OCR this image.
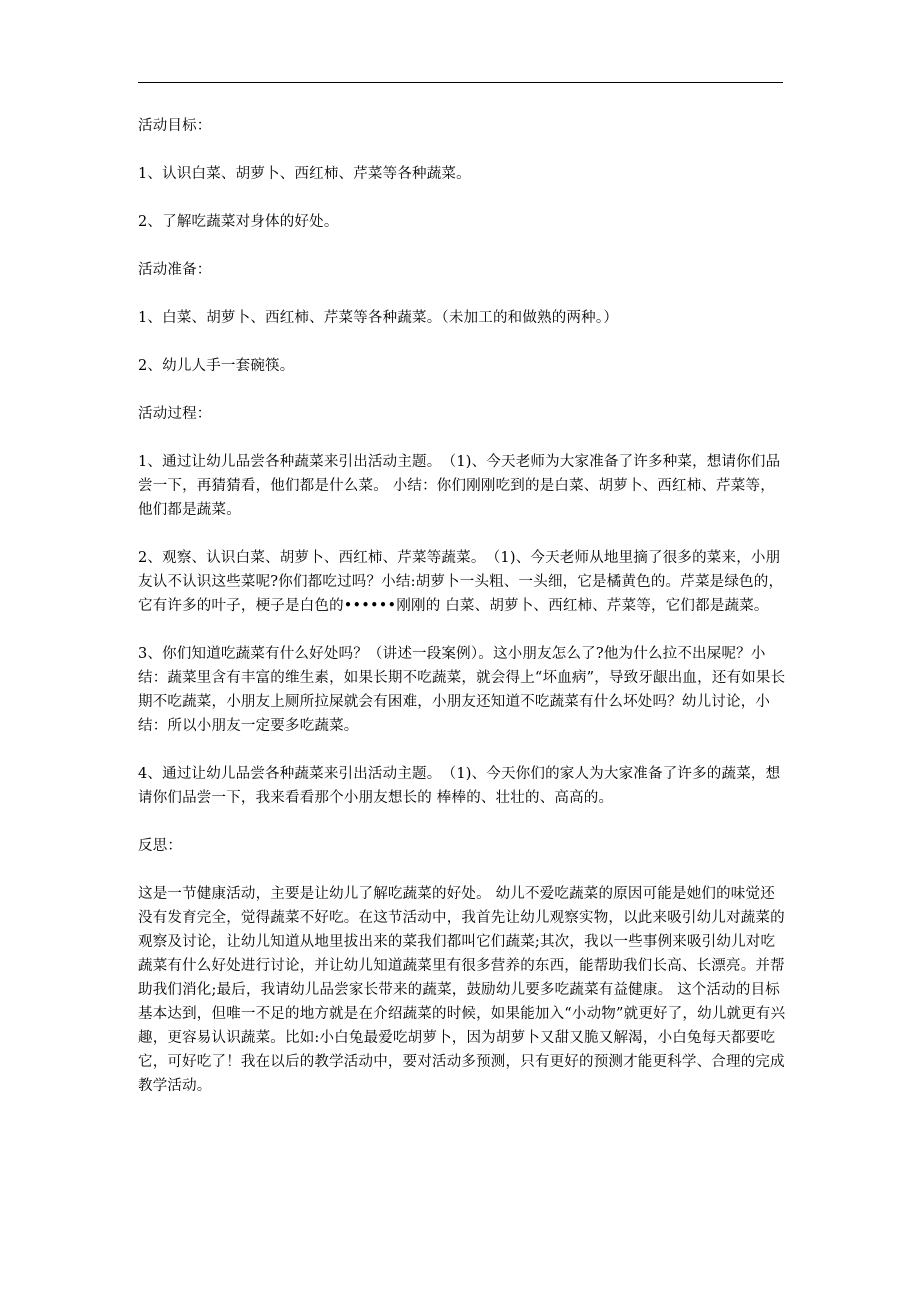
活动目标：

1、认识白菜、胡萝卜、西红柿、芹菜等各种蔬菜。

2、了解吃蔬菜对身体的好处。

活动准备：

1、白菜、胡萝卜、西红柿、芹菜等各种蔬菜。（未加工的和做熟的两种。）

2、幼儿人手一套碗筷。

活动过程：

1、通过让幼儿品尝各种蔬菜来引出活动主题。　（1)、今天老师为大家准备了许多种菜，想请你们品尝一下，再猜猜看，他们都是什么菜。 小结：你们刚刚吃到的是白菜、胡萝卜、西红柿、芹菜等，他们都是蔬菜。

2、观察、认识白菜、胡萝卜、西红柿、芹菜等蔬菜。　（1)、今天老师从地里摘了很多的菜来，小朋友认不认识这些菜呢?你们都吃过吗？小结:胡萝卜一头粗、一头细，它是橘黄色的。芹菜是绿色的，它有许多的叶子，梗子是白色的••••••刚刚的 白菜、胡萝卜、西红柿、芹菜等，它们都是蔬菜。

3、你们知道吃蔬菜有什么好处吗？（讲述一段案例）。这小朋友怎么了?他为什么拉不出屎呢？小结：蔬菜里含有丰富的维生素，如果长期不吃蔬菜，就会得上“坏血病”，导致牙龈出血，还有如果长期不吃蔬菜，小朋友上厕所拉屎就会有困难，小朋友还知道不吃蔬菜有什么坏处吗？幼儿讨论，小结：所以小朋友一定要多吃蔬菜。

4、通过让幼儿品尝各种蔬菜来引出活动主题。　（1)、今天你们的家人为大家准备了许多的蔬菜，想请你们品尝一下，我来看看那个小朋友想长的 棒棒的、壮壮的、高高的。

反思：

这是一节健康活动，主要是让幼儿了解吃蔬菜的好处。 幼儿不爱吃蔬菜的原因可能是她们的味觉还没有发育完全，觉得蔬菜不好吃。在这节活动中，我首先让幼儿观察实物，以此来吸引幼儿对蔬菜的观察及讨论，让幼儿知道从地里拔出来的菜我们都叫它们蔬菜;其次，我以一些事例来吸引幼儿对吃蔬菜有什么好处进行讨论，并让幼儿知道蔬菜里有很多营养的东西，能帮助我们长高、长漂亮。并帮助我们消化;最后，我请幼儿品尝家长带来的蔬菜，鼓励幼儿要多吃蔬菜有益健康。 这个活动的目标基本达到，但唯一不足的地方就是在介绍蔬菜的时候，如果能加入“小动物”就更好了，幼儿就更有兴趣，更容易认识蔬菜。比如:小白兔最爱吃胡萝卜，因为胡萝卜又甜又脆又解渴，小白兔每天都要吃它，可好吃了！我在以后的教学活动中，要对活动多预测，只有更好的预测才能更科学、合理的完成教学活动。
